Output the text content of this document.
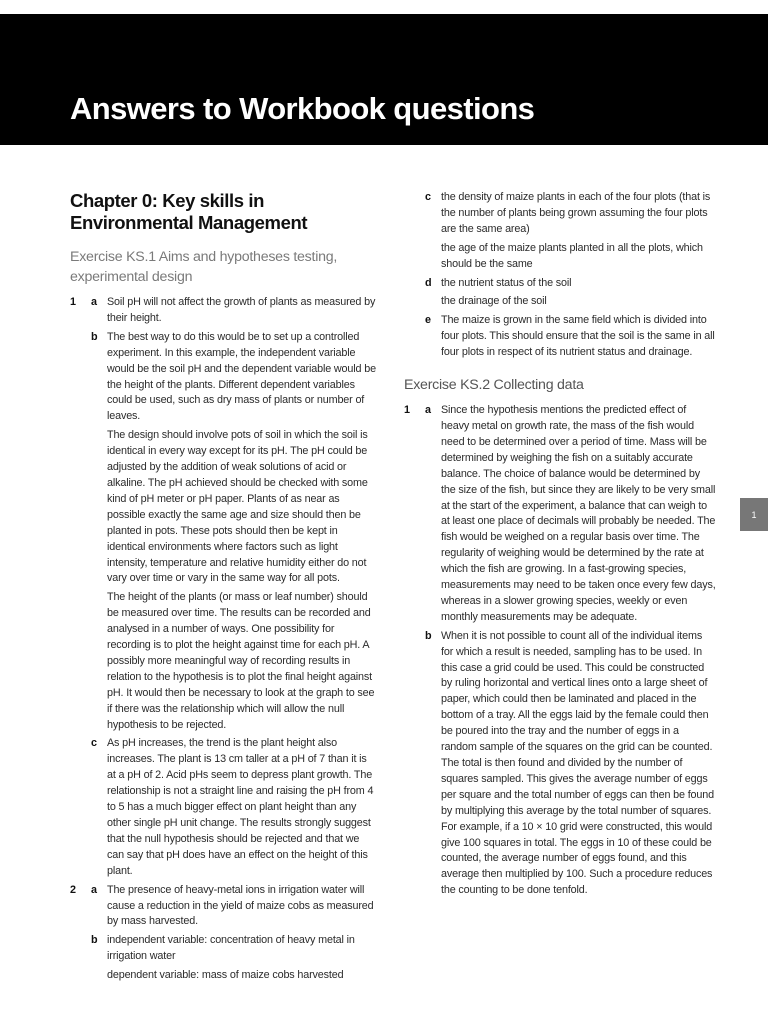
Answers to Workbook questions
1
Chapter 0: Key skills in Environmental Management
Exercise KS.1 Aims and hypotheses testing, experimental design
1 a Soil pH will not affect the growth of plants as measured by their height.

b The best way to do this would be to set up a controlled experiment. In this example, the independent variable would be the soil pH and the dependent variable would be the height of the plants. Different dependent variables could be used, such as dry mass of plants or number of leaves.

The design should involve pots of soil in which the soil is identical in every way except for its pH. The pH could be adjusted by the addition of weak solutions of acid or alkaline. The pH achieved should be checked with some kind of pH meter or pH paper. Plants of as near as possible exactly the same age and size should then be planted in pots. These pots should then be kept in identical environments where factors such as light intensity, temperature and relative humidity either do not vary over time or vary in the same way for all pots.

The height of the plants (or mass or leaf number) should be measured over time. The results can be recorded and analysed in a number of ways. One possibility for recording is to plot the height against time for each pH. A possibly more meaningful way of recording results in relation to the hypothesis is to plot the final height against pH. It would then be necessary to look at the graph to see if there was the relationship which will allow the null hypothesis to be rejected.

c As pH increases, the trend is the plant height also increases. The plant is 13 cm taller at a pH of 7 than it is at a pH of 2. Acid pHs seem to depress plant growth. The relationship is not a straight line and raising the pH from 4 to 5 has a much bigger effect on plant height than any other single pH unit change. The results strongly suggest that the null hypothesis should be rejected and that we can say that pH does have an effect on the height of this plant.

2 a The presence of heavy-metal ions in irrigation water will cause a reduction in the yield of maize cobs as measured by mass harvested.

b independent variable: concentration of heavy metal in irrigation water

dependent variable: mass of maize cobs harvested

c the density of maize plants in each of the four plots (that is the number of plants being grown assuming the four plots are the same area)

the age of the maize plants planted in all the plots, which should be the same

d the nutrient status of the soil

the drainage of the soil

e The maize is grown in the same field which is divided into four plots. This should ensure that the soil is the same in all four plots in respect of its nutrient status and drainage.

Exercise KS.2 Collecting data
1 a Since the hypothesis mentions the predicted effect of heavy metal on growth rate, the mass of the fish would need to be determined over a period of time. Mass will be determined by weighing the fish on a suitably accurate balance. The choice of balance would be determined by the size of the fish, but since they are likely to be very small at the start of the experiment, a balance that can weigh to at least one place of decimals will probably be needed. The fish would be weighed on a regular basis over time. The regularity of weighing would be determined by the rate at which the fish are growing. In a fast-growing species, measurements may need to be taken once every few days, whereas in a slower growing species, weekly or even monthly measurements may be adequate.

b When it is not possible to count all of the individual items for which a result is needed, sampling has to be used. In this case a grid could be used. This could be constructed by ruling horizontal and vertical lines onto a large sheet of paper, which could then be laminated and placed in the bottom of a tray. All the eggs laid by the female could then be poured into the tray and the number of eggs in a random sample of the squares on the grid can be counted. The total is then found and divided by the number of squares sampled. This gives the average number of eggs per square and the total number of eggs can then be found by multiplying this average by the total number of squares. For example, if a 10 × 10 grid were constructed, this would give 100 squares in total. The eggs in 10 of these could be counted, the average number of eggs found, and this average then multiplied by 100. Such a procedure reduces the counting to be done tenfold.
